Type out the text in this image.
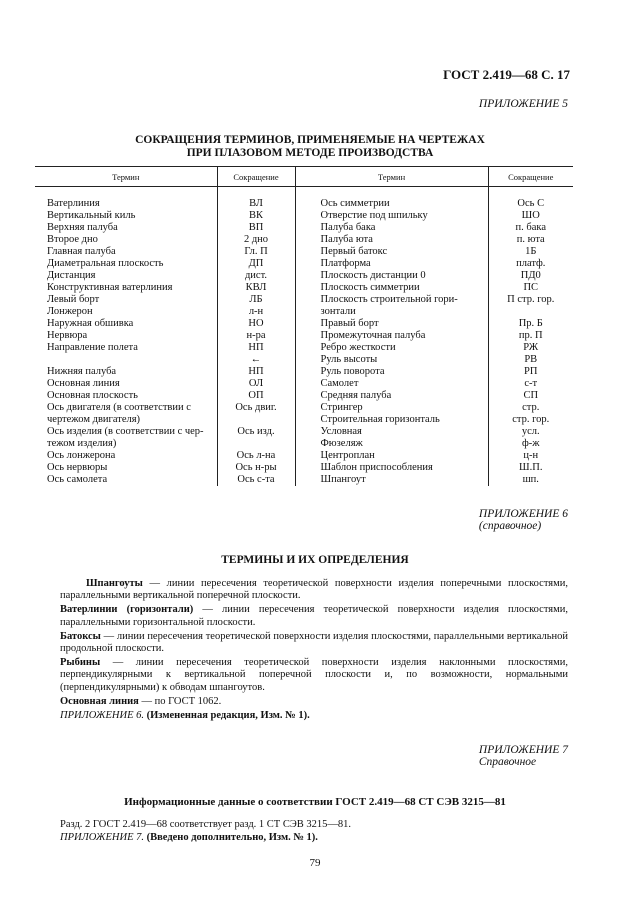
ГОСТ 2.419—68 С. 17
ПРИЛОЖЕНИЕ 5
СОКРАЩЕНИЯ ТЕРМИНОВ, ПРИМЕНЯЕМЫЕ НА ЧЕРТЕЖАХ
ПРИ ПЛАЗОВОМ МЕТОДЕ ПРОИЗВОДСТВА
Термин	Сокращение	Термин	Сокращение
Ватерлиния	ВЛ	Ось симметрии	Ось С
Вертикальный киль	ВК	Отверстие под шпильку	ШО
Верхняя палуба	ВП	Палуба бака	п. бака
Второе дно	2 дно	Палуба юта	п. юта
Главная палуба	Гл. П	Первый батокс	1Б
Диаметральная плоскость	ДП	Платформа	платф.
Дистанция	дист.	Плоскость дистанции 0	ПД0
Конструктивная ватерлиния	КВЛ	Плоскость симметрии	ПС
Левый борт	ЛБ	Плоскость строительной гори-	П стр. гор.
Лонжерон	л-н	зонтали	
Наружная обшивка	НО	Правый борт	Пр. Б
Нервюра	н-ра	Промежуточная палуба	пр. П
Направление полета	НП	Ребро жесткости	РЖ
	←	Руль высоты	РВ
Нижняя палуба	НП	Руль поворота	РП
Основная линия	ОЛ	Самолет	с-т
Основная плоскость	ОП	Средняя палуба	СП
Ось двигателя (в соответствии с	Ось двиг.	Стрингер	стр.
чертежом двигателя)		Строительная горизонталь	стр. гор.
Ось изделия (в соответствии с чер-	Ось изд.	Условная	усл.
тежом изделия)		Фюзеляж	ф-ж
Ось лонжерона	Ось л-на	Центроплан	ц-н
Ось нервюры	Ось н-ры	Шаблон приспособления	Ш.П.
Ось самолета	Ось с-та	Шпангоут	шп.
ПРИЛОЖЕНИЕ 6
(справочное)
ТЕРМИНЫ И ИХ ОПРЕДЕЛЕНИЯ

Шпангоуты — линии пересечения теоретической поверхности изделия поперечными плоскостями, параллельными вертикальной поперечной плоскости.

Ватерлинии (горизонтали) — линии пересечения теоретической поверхности изделия плоскостями, параллельными горизонтальной плоскости.

Батоксы — линии пересечения теоретической поверхности изделия плоскостями, параллельными вертикальной продольной плоскости.

Рыбины — линии пересечения теоретической поверхности изделия наклонными плоскостями, перпендикулярными к вертикальной поперечной плоскости и, по возможности, нормальными (перпендикулярными) к обводам шпангоутов.

Основная линия — по ГОСТ 1062.

ПРИЛОЖЕНИЕ 6. (Измененная редакция, Изм. № 1).

ПРИЛОЖЕНИЕ 7
Справочное
Информационные данные о соответствии ГОСТ 2.419—68 СТ СЭВ 3215—81

Разд. 2 ГОСТ 2.419—68 соответствует разд. 1 СТ СЭВ 3215—81.

ПРИЛОЖЕНИЕ 7. (Введено дополнительно, Изм. № 1).

79
